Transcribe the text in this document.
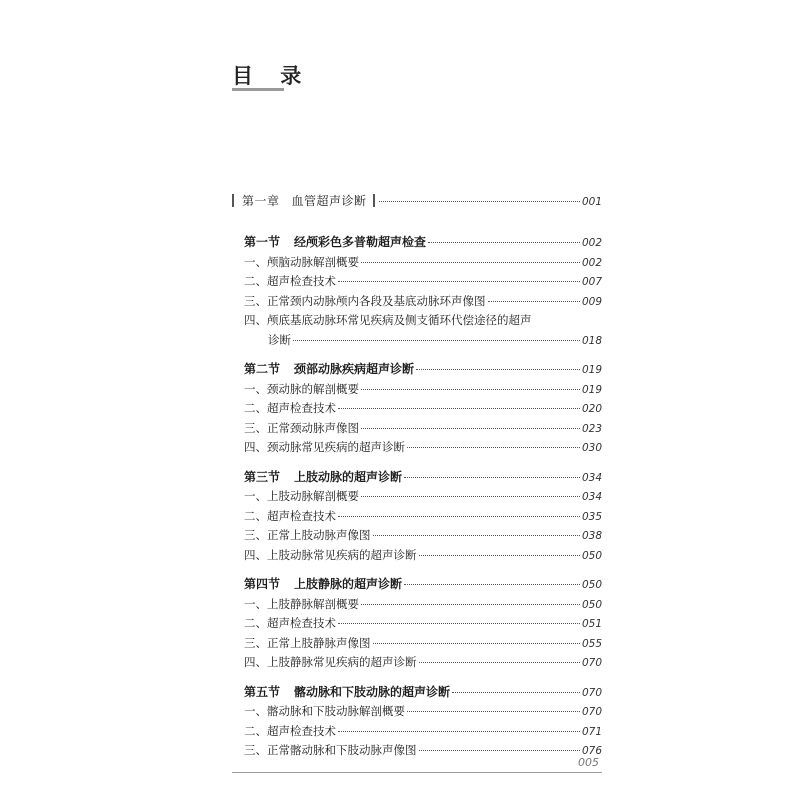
目 录
第一章 血管超声诊断	001
第一节 经颅彩色多普勒超声检查	002
一、颅脑动脉解剖概要	002
二、超声检查技术	007
三、正常颈内动脉颅内各段及基底动脉环声像图	009
四、颅底基底动脉环常见疾病及侧支循环代偿途径的超声
诊断	018
第二节 颈部动脉疾病超声诊断	019
一、颈动脉的解剖概要	019
二、超声检查技术	020
三、正常颈动脉声像图	023
四、颈动脉常见疾病的超声诊断	030
第三节 上肢动脉的超声诊断	034
一、上肢动脉解剖概要	034
二、超声检查技术	035
三、正常上肢动脉声像图	038
四、上肢动脉常见疾病的超声诊断	050
第四节 上肢静脉的超声诊断	050
一、上肢静脉解剖概要	050
二、超声检查技术	051
三、正常上肢静脉声像图	055
四、上肢静脉常见疾病的超声诊断	070
第五节 髂动脉和下肢动脉的超声诊断	070
一、髂动脉和下肢动脉解剖概要	070
二、超声检查技术	071
三、正常髂动脉和下肢动脉声像图	076
005
